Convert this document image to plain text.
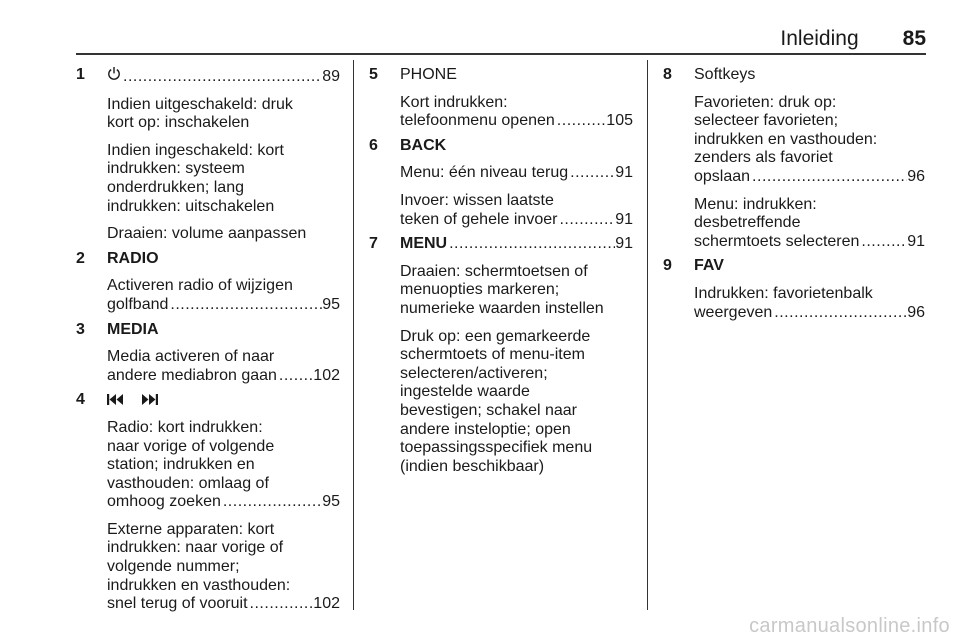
Inleiding 85
1 .....	89
Indien uitgeschakeld: druk
kort op: inschakelen
Indien ingeschakeld: kort
indrukken: systeem
onderdrukken; lang
indrukken: uitschakelen
Draaien: volume aanpassen
2	RADIO
Activeren radio of wijzigen
golfband .....	95
3	MEDIA
Media activeren of naar
andere mediabron gaan ..... 102
4

Radio: kort indrukken:
naar vorige of volgende
station; indrukken en
vasthouden: omlaag of
omhoog zoeken .....	95
Externe apparaten: kort
indrukken: naar vorige of
volgende nummer;
indrukken en vasthouden:
snel terug of vooruit .....	102
5	PHONE
Kort indrukken:
telefoonmenu openen .....	105
6	BACK
Menu: één niveau terug .....	91
Invoer: wissen laatste
teken of gehele invoer .....	91
7 MENU .....	91
Draaien: schermtoetsen of
menuopties markeren;
numerieke waarden instellen
Druk op: een gemarkeerde
schermtoets of menu-item
selecteren/activeren;
ingestelde waarde
bevestigen; schakel naar
andere insteloptie; open
toepassingsspecifiek menu
(indien beschikbaar)
8	Softkeys
Favorieten: druk op:
selecteer favorieten;
indrukken en vasthouden:
zenders als favoriet
opslaan .....	96
Menu: indrukken:
desbetreffende
schermtoets selecteren .....	91
9	FAV
Indrukken: favorietenbalk
weergeven .....	96
carmanualsonline.info
